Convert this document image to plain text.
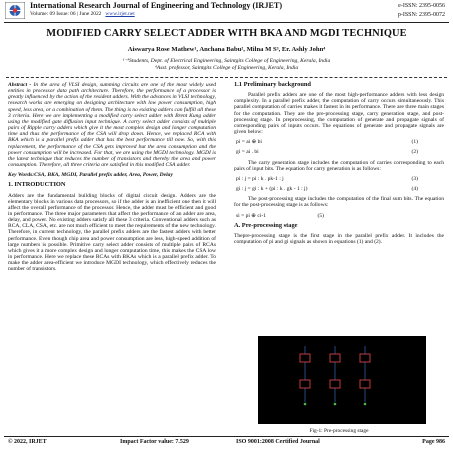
International Research Journal of Engineering and Technology (IRJET)
Volume: 09 Issue: 06 | June 2022 www.irjet.net
e-ISSN: 2395-0056
p-ISSN: 2395-0072
MODIFIED CARRY SELECT ADDER WITH BKA AND MGDI TECHNIQUE
Aiswarya Rose Mathew¹, Anchana Babu², Milna M S³, Er. Ashly John⁴
¹⁻³Students, Dept. of Electrical Engineering, Saintgits College of Engineering, Kerala, India
⁴Asst. professor, Saintgits College of Engineering, Kerala, India

Abstract - In the area of VLSI design, summing circuits are one of the most widely used entities in processor data path architecture. Therefore, the performance of a processor is greatly influenced by the action of the resident adders. With the advances in VLSI technology, research works are emerging on designing architecture with low power consumption, high speed, less area, or a combination of them. The thing is no existing adders can fulfill all these 3 criteria. Here we are implementing a modified carry select adder with Brent Kung adder using the modified gate diffusion input technique. A carry select adder consists of multiple pairs of Ripple carry adders which give it the most complex design and longer computation time and thus the performance of the CSA will drop down. Hence, we replaced RCA with BKA which is a parallel prefix adder that has the best performance till now. So, with this replacement, the performance of the CSA gets improved but the area consumption and the power consumption will be increased. For that, we are using the MGDI technology. MGDI is the latest technique that reduces the number of transistors and thereby the area and power consumption. Therefore, all three criteria are satisfied in this modified CSA adder.

Key Words:CSA, BKA, MGDI, Parallel prefix adder, Area, Power, Delay

1. INTRODUCTION

Adders are the fundamental building blocks of digital circuit design. Adders are the elementary blocks in various data processors, so if the adder is an inefficient one then it will affect the overall performance of the processor. Hence, the adder must be efficient and good in performance. The three major parameters that affect the performance of an adder are area, delay, and power. No existing adders satisfy all these 3 criteria. Conventional adders such as RCA, CLA, CSA, etc. are not much efficient to meet the requirements of the new technology. Therefore, in current technology, the parallel prefix adders are the fastest adders with better performance. Even though chip area and power consumption are less, high-speed addition of large numbers is possible. Primitive carry select adder consists of multiple pairs of RCAs which gives it a more complex design and longer computation time, this makes the CSA low in performance. Here we replace these RCAs with BKAs which is a parallel prefix adder. To make the adder area-efficient we introduce MGDI technology, which effectively reduces the number of transistors.

1.1 Preliminary background

Parallel prefix adders are one of the most high-performance adders with less design complexity. In a parallel prefix adder, the computation of carry occurs simultaneously. This parallel computation of carries makes it fastest in its performance. There are three main stages for the computation. They are the pre-processing stage, carry generation stage, and post-processing stage. In preprocessing, the computation of generate and propagate signals of corresponding pairs of inputs occurs. The equations of generate and propagate signals are given below:

pi = ai ⊕ bi	(1)
gi = ai . bi	(2)

The carry generation stage includes the computation of carries corresponding to each pairs of input bits. The equation for carry generation is as follows:

pi : j = pi : k . pk-1 : j	(3)
gi : j = gi : k + (pi : k . gk - 1 : j)	(4)

The post-processing stage includes the computation of the final sum bits. The equation for the post-processing stage is as follows:

si = pi ⊕ ci-1	(5)
A. Pre-processing stage

Thepre-processing stage is the first stage in the parallel prefix adder. It includes the computation of pi and gi signals as shown in equations (1) and (2).

Fig-1: Pre-processing stage
© 2022, IRJET	Impact Factor value: 7.529	ISO 9001:2008 Certified Journal	Page 986
